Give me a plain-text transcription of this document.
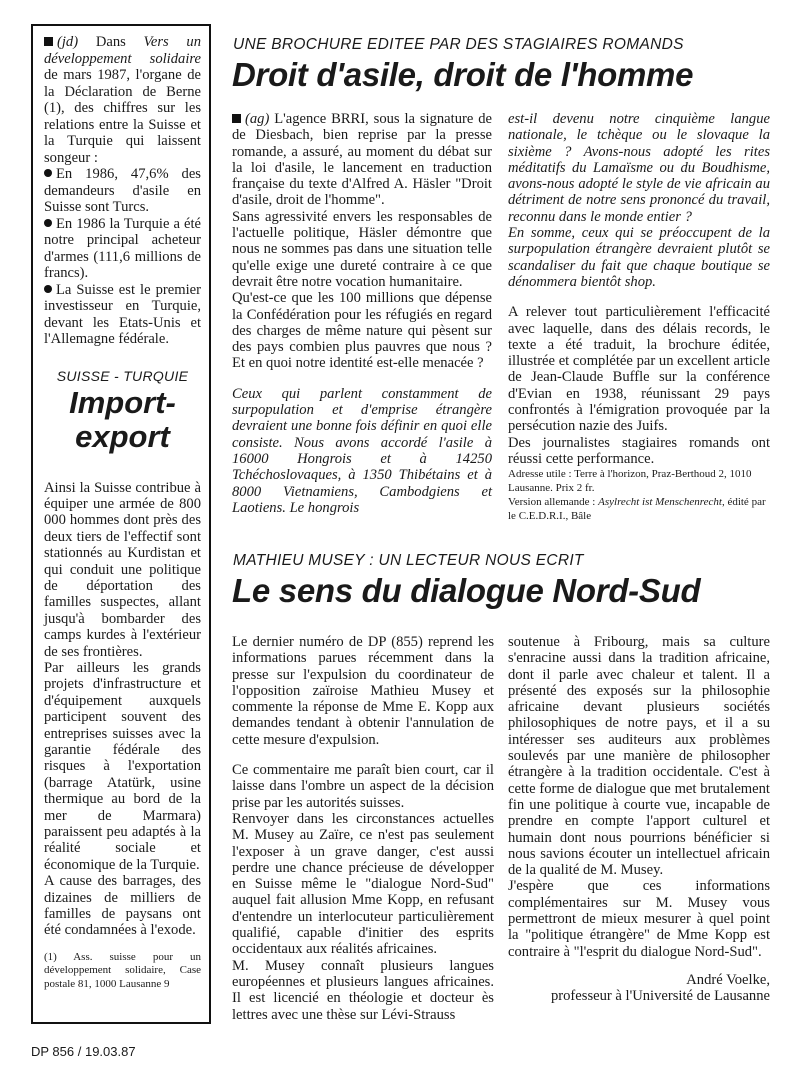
(jd) Dans Vers un développement solidaire de mars 1987, l'organe de la Déclaration de Berne (1), des chiffres sur les relations entre la Suisse et la Turquie qui laissent songeur :

En 1986, 47,6% des demandeurs d'asile en Suisse sont Turcs.

En 1986 la Turquie a été notre principal acheteur d'armes (111,6 millions de francs).

La Suisse est le premier investisseur en Turquie, devant les Etats-Unis et l'Allemagne fédérale.

SUISSE - TURQUIE
Import-
export

Ainsi la Suisse contribue à équiper une armée de 800 000 hommes dont près des deux tiers de l'effectif sont stationnés au Kurdistan et qui conduit une politique de déportation des familles suspectes, allant jusqu'à bombarder des camps kurdes à l'extérieur de ses frontières.

Par ailleurs les grands projets d'infrastructure et d'équipement auxquels participent souvent des entreprises suisses avec la garantie fédérale des risques à l'exportation (barrage Atatürk, usine thermique au bord de la mer de Marmara) paraissent peu adaptés à la réalité sociale et économique de la Turquie.

A cause des barrages, des dizaines de milliers de familles de paysans ont été condamnées à l'exode.

(1) Ass. suisse pour un développement solidaire, Case postale 81, 1000 Lausanne 9

UNE BROCHURE EDITEE PAR DES STAGIAIRES ROMANDS
Droit d'asile, droit de l'homme

(ag) L'agence BRRI, sous la signature de de Diesbach, bien reprise par la presse romande, a assuré, au moment du débat sur la loi d'asile, le lancement en traduction française du texte d'Alfred A. Häsler "Droit d'asile, droit de l'homme".

Sans agressivité envers les responsables de l'actuelle politique, Häsler démontre que nous ne sommes pas dans une situation telle qu'elle exige une dureté contraire à ce que devrait être notre vocation humanitaire.

Qu'est-ce que les 100 millions que dépense la Confédération pour les réfugiés en regard des charges de même nature qui pèsent sur des pays combien plus pauvres que nous ? Et en quoi notre identité est-elle menacée ?

Ceux qui parlent constamment de surpopulation et d'emprise étrangère devraient une bonne fois définir en quoi elle consiste. Nous avons accordé l'asile à 16000 Hongrois et à 14250 Tchéchoslovaques, à 1350 Thibétains et à 8000 Vietnamiens, Cambodgiens et Laotiens. Le hongrois

est-il devenu notre cinquième langue nationale, le tchèque ou le slovaque la sixième ? Avons-nous adopté les rites méditatifs du Lamaïsme ou du Boudhisme, avons-nous adopté le style de vie africain au détriment de notre sens prononcé du travail, reconnu dans le monde entier ?

En somme, ceux qui se préoccupent de la surpopulation étrangère devraient plutôt se scandaliser du fait que chaque boutique se dénommera bientôt shop.

A relever tout particulièrement l'efficacité avec laquelle, dans des délais records, le texte a été traduit, la brochure éditée, illustrée et complétée par un excellent article de Jean-Claude Buffle sur la conférence d'Evian en 1938, réunissant 29 pays confrontés à l'émigration provoquée par la persécution nazie des Juifs.

Des journalistes stagiaires romands ont réussi cette performance.

Adresse utile : Terre à l'horizon, Praz-Berthoud 2, 1010 Lausanne. Prix 2 fr.

Version allemande : Asylrecht ist Menschenrecht, édité par le C.E.D.R.I., Bâle

MATHIEU MUSEY : UN LECTEUR NOUS ECRIT
Le sens du dialogue Nord-Sud

Le dernier numéro de DP (855) reprend les informations parues récemment dans la presse sur l'expulsion du coordinateur de l'opposition zaïroise Mathieu Musey et commente la réponse de Mme E. Kopp aux demandes tendant à obtenir l'annulation de cette mesure d'expulsion.

Ce commentaire me paraît bien court, car il laisse dans l'ombre un aspect de la décision prise par les autorités suisses.

Renvoyer dans les circonstances actuelles M. Musey au Zaïre, ce n'est pas seulement l'exposer à un grave danger, c'est aussi perdre une chance précieuse de développer en Suisse même le "dialogue Nord-Sud" auquel fait allusion Mme Kopp, en refusant d'entendre un interlocuteur particulièrement qualifié, capable d'initier des esprits occidentaux aux réalités africaines.

M. Musey connaît plusieurs langues européennes et plusieurs langues africaines. Il est licencié en théologie et docteur ès lettres avec une thèse sur Lévi-Strauss

soutenue à Fribourg, mais sa culture s'enracine aussi dans la tradition africaine, dont il parle avec chaleur et talent. Il a présenté des exposés sur la philosophie africaine devant plusieurs sociétés philosophiques de notre pays, et il a su intéresser ses auditeurs aux problèmes soulevés par une manière de philosopher étrangère à la tradition occidentale. C'est à cette forme de dialogue que met brutalement fin une politique à courte vue, incapable de prendre en compte l'apport culturel et humain dont nous pourrions bénéficier si nous savions écouter un intellectuel africain de la qualité de M. Musey.

J'espère que ces informations complémentaires sur M. Musey vous permettront de mieux mesurer à quel point la "politique étrangère" de Mme Kopp est contraire à "l'esprit du dialogue Nord-Sud".

André Voelke,
professeur à l'Université de Lausanne
DP 856 / 19.03.87
